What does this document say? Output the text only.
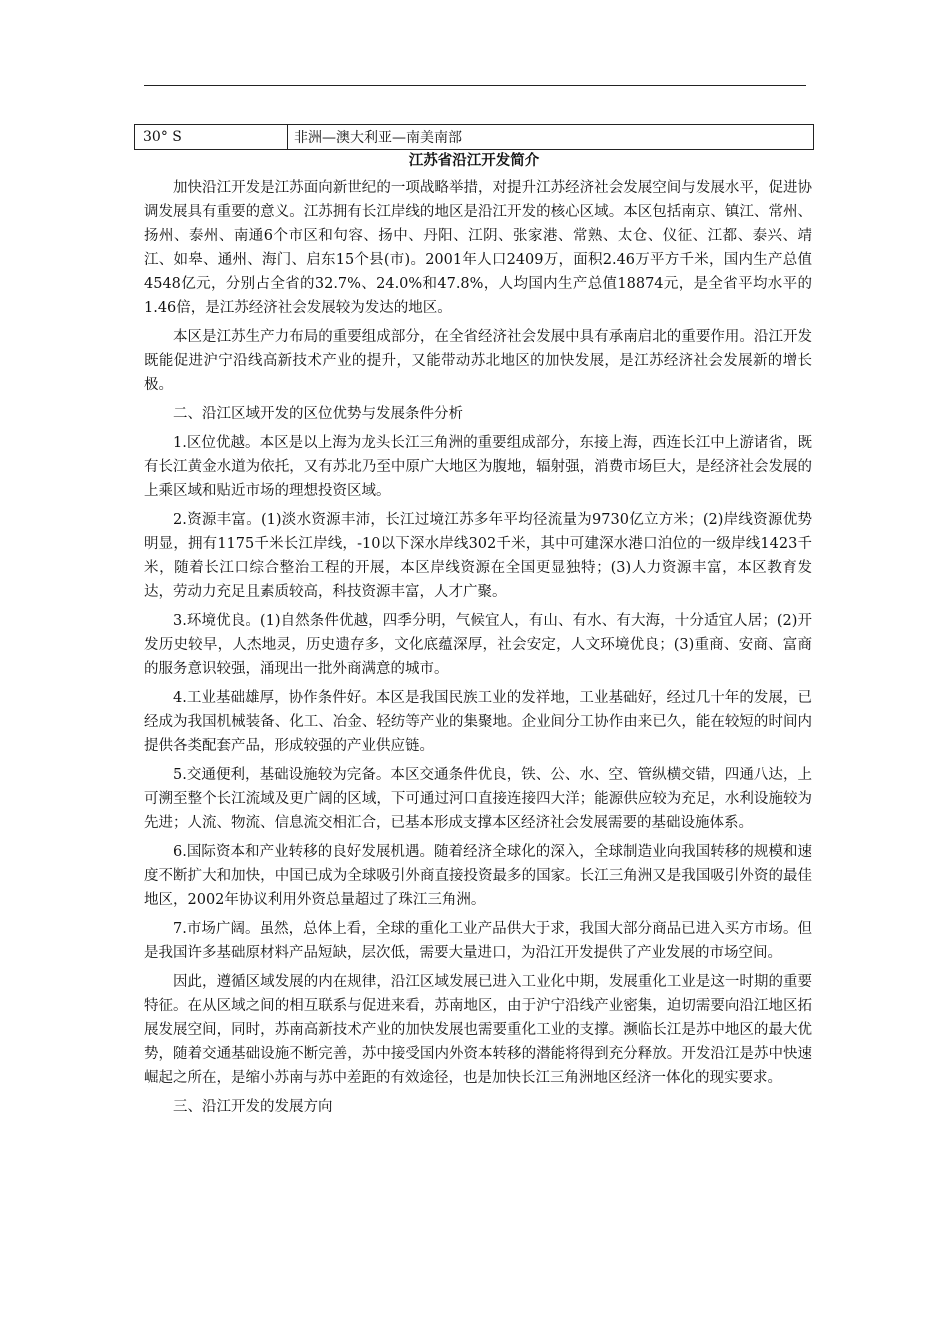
30° S	非洲—澳大利亚—南美南部
江苏省沿江开发简介

加快沿江开发是江苏面向新世纪的一项战略举措，对提升江苏经济社会发展空间与发展水平，促进协调发展具有重要的意义。江苏拥有长江岸线的地区是沿江开发的核心区域。本区包括南京、镇江、常州、扬州、泰州、南通6个市区和句容、扬中、丹阳、江阴、张家港、常熟、太仓、仪征、江都、泰兴、靖江、如皋、通州、海门、启东15个县(市)。2001年人口2409万，面积2.46万平方千米，国内生产总值4548亿元，分别占全省的32.7%、24.0%和47.8%，人均国内生产总值18874元，是全省平均水平的1.46倍，是江苏经济社会发展较为发达的地区。

本区是江苏生产力布局的重要组成部分，在全省经济社会发展中具有承南启北的重要作用。沿江开发既能促进沪宁沿线高新技术产业的提升，又能带动苏北地区的加快发展，是江苏经济社会发展新的增长极。

二、沿江区域开发的区位优势与发展条件分析

1.区位优越。本区是以上海为龙头长江三角洲的重要组成部分，东接上海，西连长江中上游诸省，既有长江黄金水道为依托，又有苏北乃至中原广大地区为腹地，辐射强，消费市场巨大，是经济社会发展的上乘区域和贴近市场的理想投资区域。

2.资源丰富。(1)淡水资源丰沛，长江过境江苏多年平均径流量为9730亿立方米；(2)岸线资源优势明显，拥有1175千米长江岸线，-10以下深水岸线302千米，其中可建深水港口泊位的一级岸线1423千米，随着长江口综合整治工程的开展，本区岸线资源在全国更显独特；(3)人力资源丰富，本区教育发达，劳动力充足且素质较高，科技资源丰富，人才广聚。

3.环境优良。(1)自然条件优越，四季分明，气候宜人，有山、有水、有大海，十分适宜人居；(2)开发历史较早，人杰地灵，历史遗存多，文化底蕴深厚，社会安定，人文环境优良；(3)重商、安商、富商的服务意识较强，涌现出一批外商满意的城市。

4.工业基础雄厚，协作条件好。本区是我国民族工业的发祥地，工业基础好，经过几十年的发展，已经成为我国机械装备、化工、冶金、轻纺等产业的集聚地。企业间分工协作由来已久，能在较短的时间内提供各类配套产品，形成较强的产业供应链。

5.交通便利，基础设施较为完备。本区交通条件优良，铁、公、水、空、管纵横交错，四通八达，上可溯至整个长江流域及更广阔的区域，下可通过河口直接连接四大洋；能源供应较为充足，水利设施较为先进；人流、物流、信息流交相汇合，已基本形成支撑本区经济社会发展需要的基础设施体系。

6.国际资本和产业转移的良好发展机遇。随着经济全球化的深入，全球制造业向我国转移的规模和速度不断扩大和加快，中国已成为全球吸引外商直接投资最多的国家。长江三角洲又是我国吸引外资的最佳地区，2002年协议利用外资总量超过了珠江三角洲。

7.市场广阔。虽然，总体上看，全球的重化工业产品供大于求，我国大部分商品已进入买方市场。但是我国许多基础原材料产品短缺，层次低，需要大量进口，为沿江开发提供了产业发展的市场空间。

因此，遵循区域发展的内在规律，沿江区域发展已进入工业化中期，发展重化工业是这一时期的重要特征。在从区域之间的相互联系与促进来看，苏南地区，由于沪宁沿线产业密集，迫切需要向沿江地区拓展发展空间，同时，苏南高新技术产业的加快发展也需要重化工业的支撑。濒临长江是苏中地区的最大优势，随着交通基础设施不断完善，苏中接受国内外资本转移的潜能将得到充分释放。开发沿江是苏中快速崛起之所在，是缩小苏南与苏中差距的有效途径，也是加快长江三角洲地区经济一体化的现实要求。

三、沿江开发的发展方向
